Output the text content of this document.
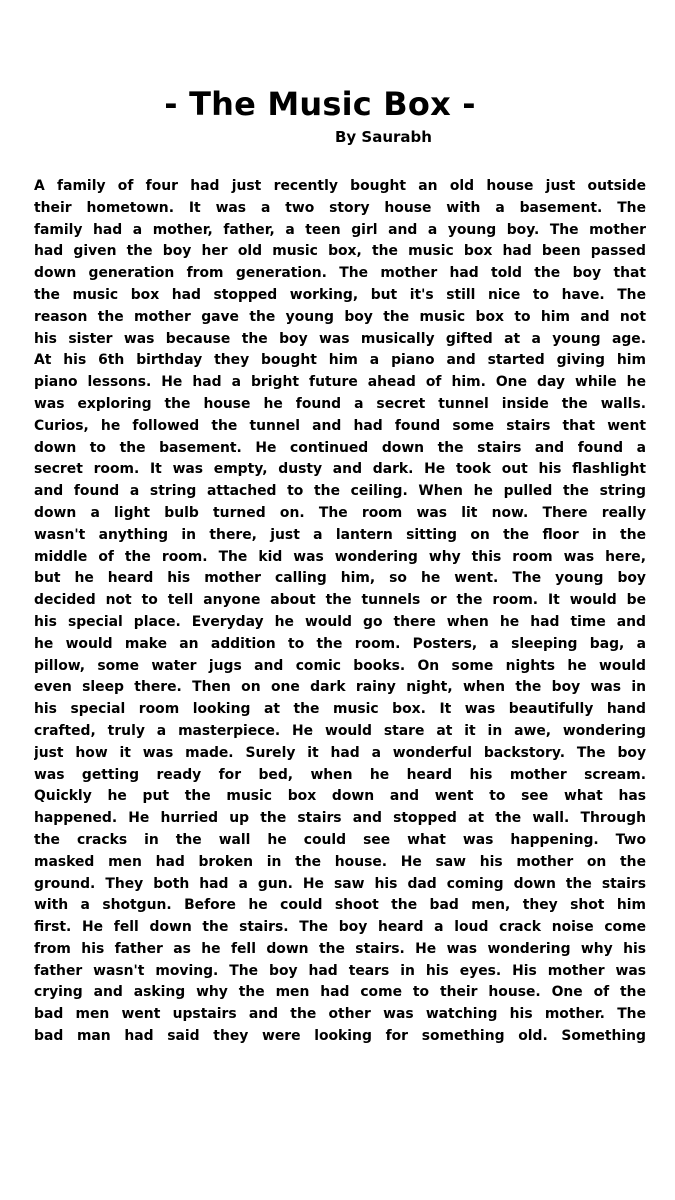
- The Music Box -
By Saurabh
A family of four had just recently bought an old house just outside
their hometown. It was a two story house with a basement. The
family had a mother, father, a teen girl and a young boy. The mother
had given the boy her old music box, the music box had been passed
down generation from generation. The mother had told the boy that
the music box had stopped working, but it's still nice to have. The
reason the mother gave the young boy the music box to him and not
his sister was because the boy was musically gifted at a young age.
At his 6th birthday they bought him a piano and started giving him
piano lessons. He had a bright future ahead of him. One day while he
was exploring the house he found a secret tunnel inside the walls.
Curios, he followed the tunnel and had found some stairs that went
down to the basement. He continued down the stairs and found a
secret room. It was empty, dusty and dark. He took out his flashlight
and found a string attached to the ceiling. When he pulled the string
down a light bulb turned on. The room was lit now. There really
wasn't anything in there, just a lantern sitting on the floor in the
middle of the room. The kid was wondering why this room was here,
but he heard his mother calling him, so he went. The young boy
decided not to tell anyone about the tunnels or the room. It would be
his special place. Everyday he would go there when he had time and
he would make an addition to the room. Posters, a sleeping bag, a
pillow, some water jugs and comic books. On some nights he would
even sleep there. Then on one dark rainy night, when the boy was in
his special room looking at the music box. It was beautifully hand
crafted, truly a masterpiece. He would stare at it in awe, wondering
just how it was made. Surely it had a wonderful backstory. The boy
was getting ready for bed, when he heard his mother scream.
Quickly he put the music box down and went to see what has
happened. He hurried up the stairs and stopped at the wall. Through
the cracks in the wall he could see what was happening. Two
masked men had broken in the house. He saw his mother on the
ground. They both had a gun. He saw his dad coming down the stairs
with a shotgun. Before he could shoot the bad men, they shot him
first. He fell down the stairs. The boy heard a loud crack noise come
from his father as he fell down the stairs. He was wondering why his
father wasn't moving. The boy had tears in his eyes. His mother was
crying and asking why the men had come to their house. One of the
bad men went upstairs and the other was watching his mother. The
bad man had said they were looking for something old. Something
